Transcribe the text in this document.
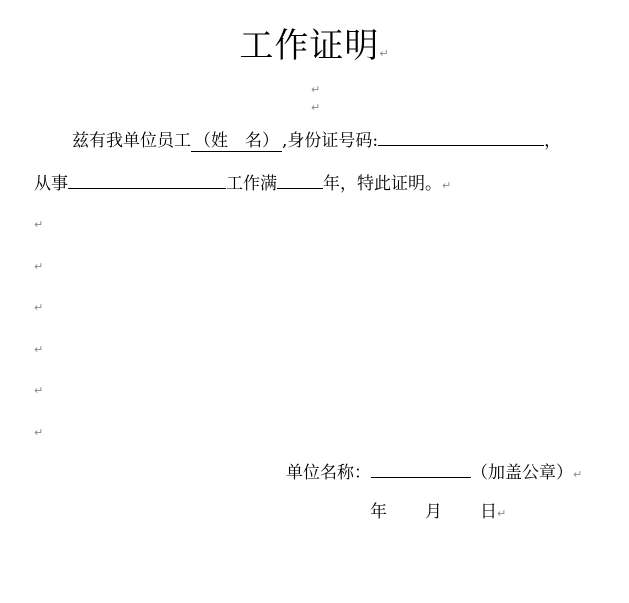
工作证明↵
↵
↵
兹有我单位员工 （姓　名） ,身份证号码:	，
从事	工作满	年，特此证明。↵
↵
↵
↵
↵
↵
↵
单位名称：	（加盖公章）↵
年 月 日↵
